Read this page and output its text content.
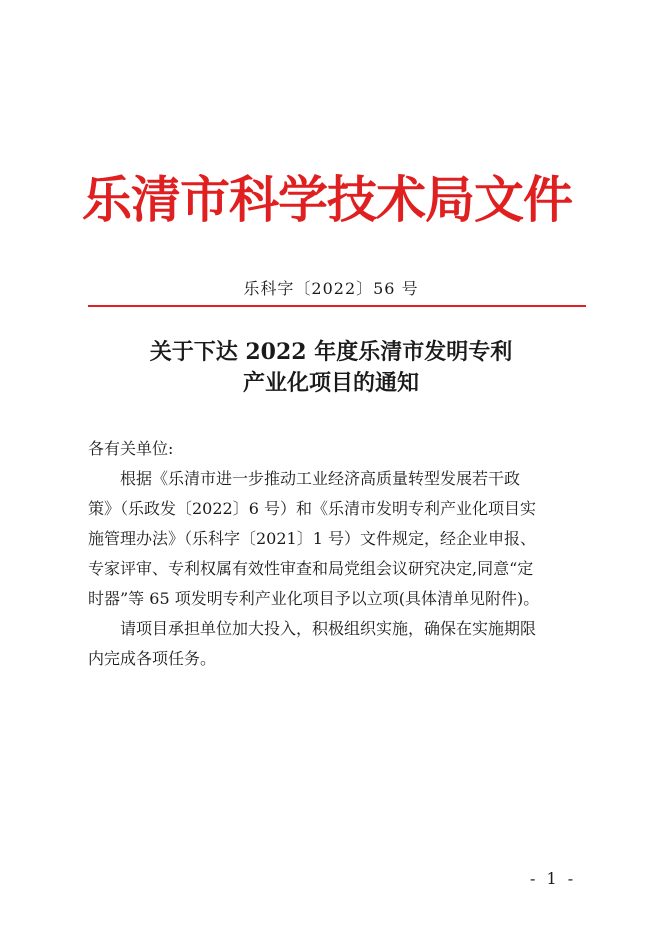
乐清市科学技术局文件
乐科字〔2022〕56 号
关于下达 2022 年度乐清市发明专利
产业化项目的通知

各有关单位:

根据《乐清市进一步推动工业经济高质量转型发展若干政

策》（乐政发〔2022〕6 号）和《乐清市发明专利产业化项目实

施管理办法》（乐科字〔2021〕1 号）文件规定，经企业申报、

专家评审、专利权属有效性审查和局党组会议研究决定,同意“定

时器”等 65 项发明专利产业化项目予以立项(具体清单见附件)。

请项目承担单位加大投入，积极组织实施，确保在实施期限

内完成各项任务。

- 1 -
